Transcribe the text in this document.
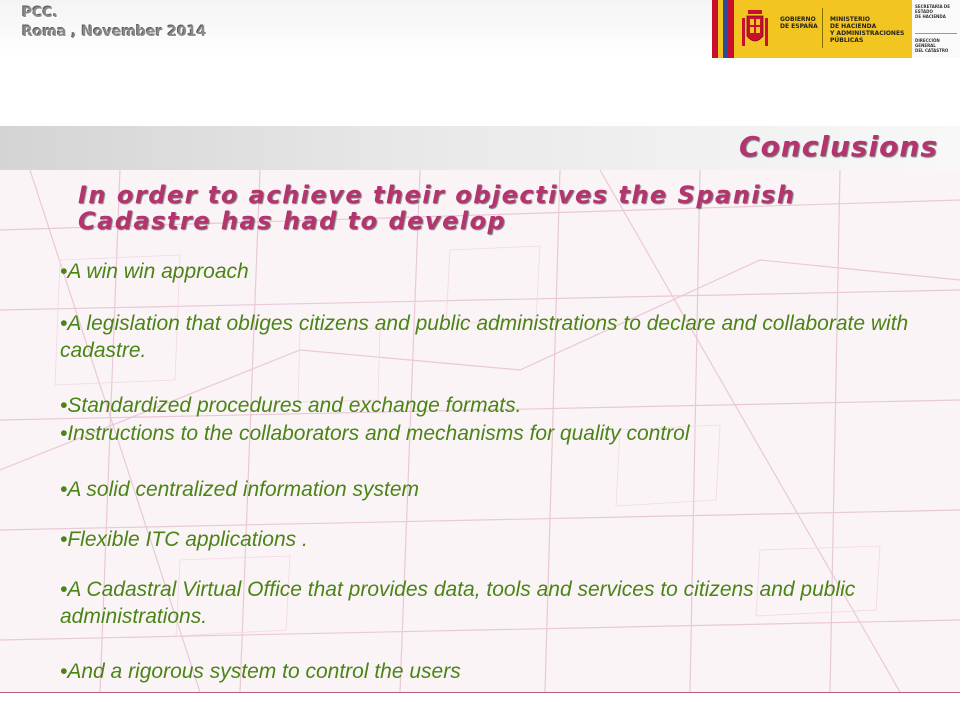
PCC.
Roma , November 2014
GOBIERNO
DE ESPAÑA
MINISTERIO
DE HACIENDA
Y ADMINISTRACIONES PÚBLICAS
SECRETARÍA DE ESTADO
DE HACIENDA
DIRECCIÓN GENERAL
DEL CATASTRO
Conclusions
In order to achieve their objectives the Spanish Cadastre has had to develop

•A win win approach

•A legislation that obliges citizens and public administrations to declare and collaborate with cadastre.

•Standardized procedures and exchange formats.

•Instructions to the collaborators and mechanisms for quality control

•A solid centralized information system

•Flexible ITC applications .

•A Cadastral Virtual Office that provides data, tools and services to citizens and public administrations.

•And a rigorous system to control the users
